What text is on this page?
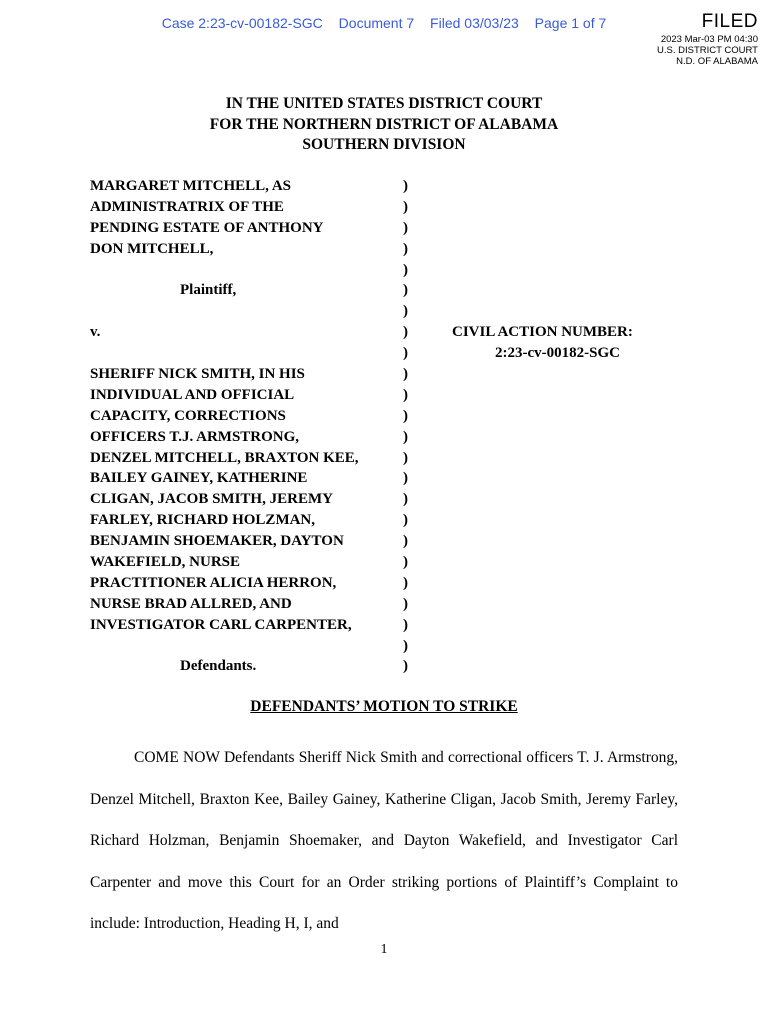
Case 2:23-cv-00182-SGC Document 7 Filed 03/03/23 Page 1 of 7	FILED
2023 Mar-03 PM 04:30
U.S. DISTRICT COURT
N.D. OF ALABAMA
IN THE UNITED STATES DISTRICT COURT
FOR THE NORTHERN DISTRICT OF ALABAMA
SOUTHERN DIVISION
MARGARET MITCHELL, AS	)
ADMINISTRATRIX OF THE	)
PENDING ESTATE OF ANTHONY	)
DON MITCHELL,	)
)
Plaintiff,	)
)
v.	)	CIVIL ACTION NUMBER:
)	2:23-cv-00182-SGC
SHERIFF NICK SMITH, IN HIS	)
INDIVIDUAL AND OFFICIAL	)
CAPACITY, CORRECTIONS	)
OFFICERS T.J. ARMSTRONG,	)
DENZEL MITCHELL, BRAXTON KEE,	)
BAILEY GAINEY, KATHERINE	)
CLIGAN, JACOB SMITH, JEREMY	)
FARLEY, RICHARD HOLZMAN,	)
BENJAMIN SHOEMAKER, DAYTON	)
WAKEFIELD, NURSE	)
PRACTITIONER ALICIA HERRON,	)
NURSE BRAD ALLRED, AND	)
INVESTIGATOR CARL CARPENTER,	)
)
Defendants.	)
DEFENDANTS’ MOTION TO STRIKE

COME NOW Defendants Sheriff Nick Smith and correctional officers T. J. Armstrong, Denzel Mitchell, Braxton Kee, Bailey Gainey, Katherine Cligan, Jacob Smith, Jeremy Farley, Richard Holzman, Benjamin Shoemaker, and Dayton Wakefield, and Investigator Carl Carpenter and move this Court for an Order striking portions of Plaintiff’s Complaint to include: Introduction, Heading H, I, and

1
